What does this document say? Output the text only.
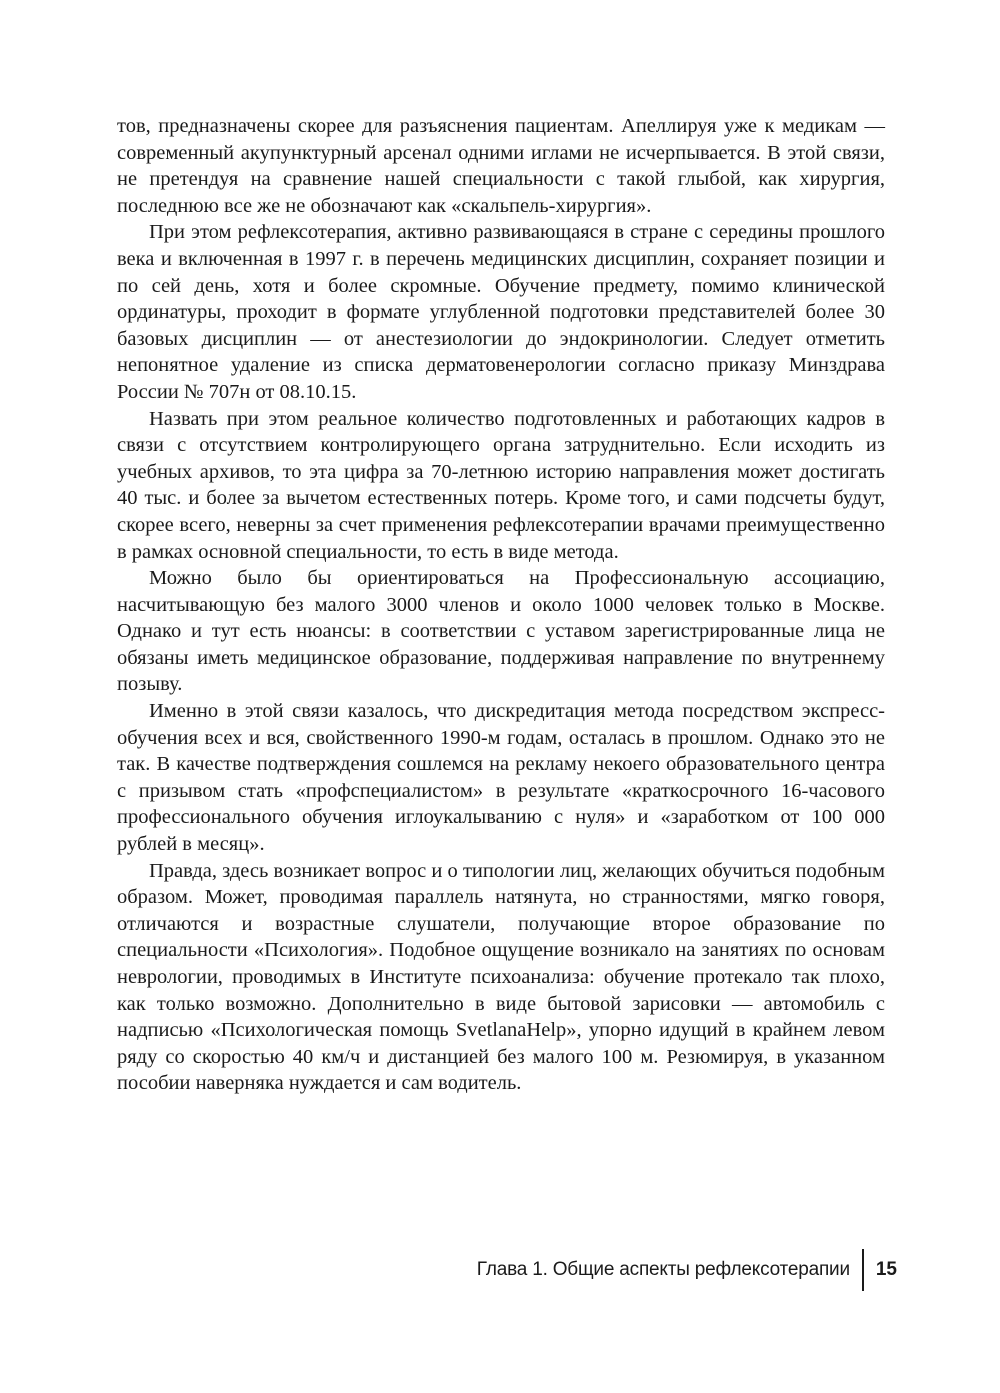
тов, предназначены скорее для разъяснения пациентам. Апеллируя уже к медикам — современный акупунктурный арсенал одними иглами не исчерпывается. В этой связи, не претендуя на сравнение нашей специальности с такой глыбой, как хирургия, последнюю все же не обозначают как «скальпель-хирургия».

При этом рефлексотерапия, активно развивающаяся в стране с середины прошлого века и включенная в 1997 г. в перечень медицинских дисциплин, сохраняет позиции и по сей день, хотя и более скромные. Обучение предмету, помимо клинической ординатуры, проходит в формате углубленной подготовки представителей более 30 базовых дисциплин — от анестезиологии до эндокринологии. Следует отметить непонятное удаление из списка дерматовенерологии согласно приказу Минздрава России № 707н от 08.10.15.

Назвать при этом реальное количество подготовленных и работающих кадров в связи с отсутствием контролирующего органа затруднительно. Если исходить из учебных архивов, то эта цифра за 70-летнюю историю направления может достигать 40 тыс. и более за вычетом естественных потерь. Кроме того, и сами подсчеты будут, скорее всего, неверны за счет применения рефлексотерапии врачами преимущественно в рамках основной специальности, то есть в виде метода.

Можно было бы ориентироваться на Профессиональную ассоциацию, насчитывающую без малого 3000 членов и около 1000 человек только в Москве. Однако и тут есть нюансы: в соответствии с уставом зарегистрированные лица не обязаны иметь медицинское образование, поддерживая направление по внутреннему позыву.

Именно в этой связи казалось, что дискредитация метода посредством экспресс-обучения всех и вся, свойственного 1990-м годам, осталась в прошлом. Однако это не так. В качестве подтверждения сошлемся на рекламу некоего образовательного центра с призывом стать «профспециалистом» в результате «краткосрочного 16-часового профессионального обучения иглоукалыванию с нуля» и «заработком от 100 000 рублей в месяц».

Правда, здесь возникает вопрос и о типологии лиц, желающих обучиться подобным образом. Может, проводимая параллель натянута, но странностями, мягко говоря, отличаются и возрастные слушатели, получающие второе образование по специальности «Психология». Подобное ощущение возникало на занятиях по основам неврологии, проводимых в Институте психоанализа: обучение протекало так плохо, как только возможно. Дополнительно в виде бытовой зарисовки — автомобиль с надписью «Психологическая помощь SvetlanaHelp», упорно идущий в крайнем левом ряду со скоростью 40 км/ч и дистанцией без малого 100 м. Резюмируя, в указанном пособии наверняка нуждается и сам водитель.

Глава 1. Общие аспекты рефлексотерапии	15
